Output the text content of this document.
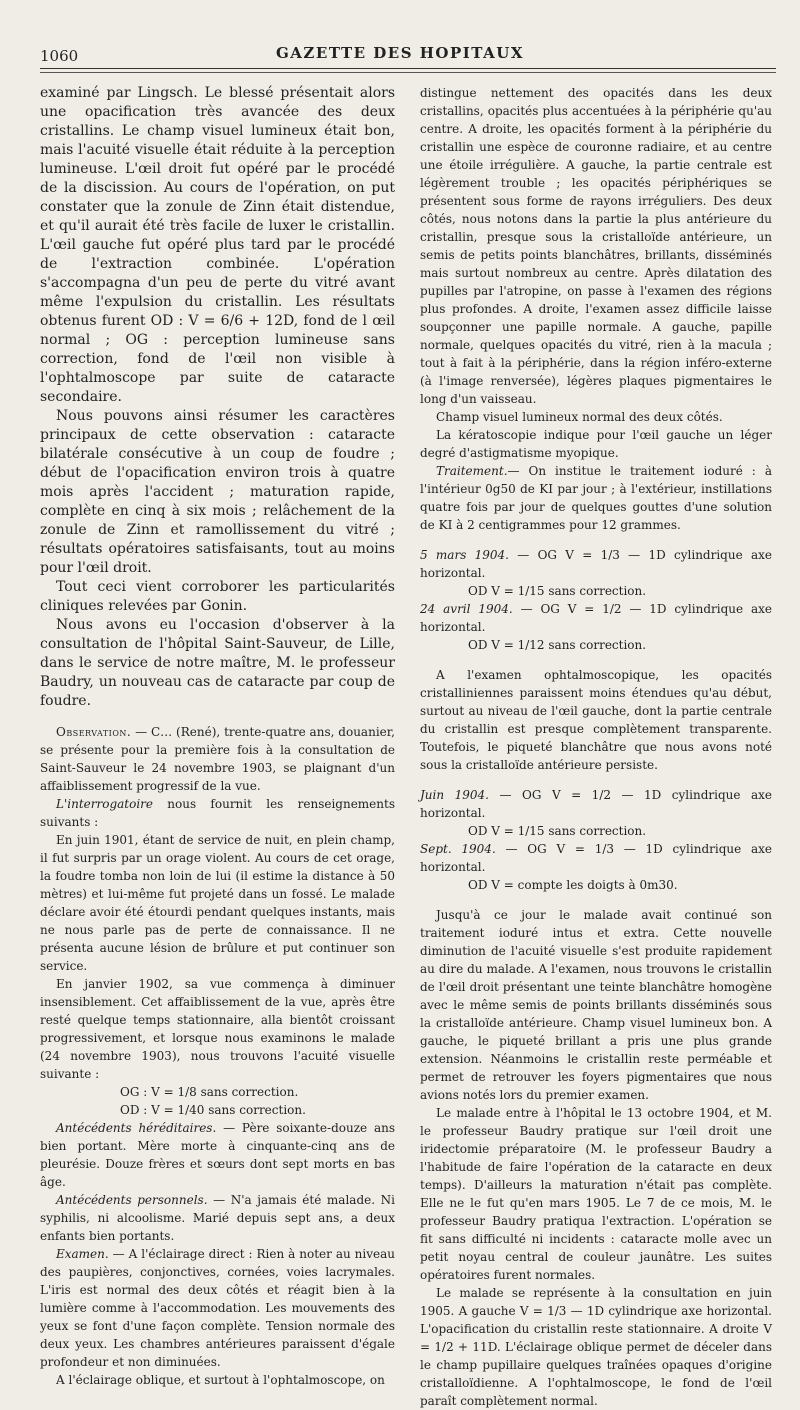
1060	GAZETTE DES HOPITAUX

examiné par Lingsch. Le blessé présentait alors une opacification très avancée des deux cristallins. Le champ visuel lumineux était bon, mais l'acuité visuelle était réduite à la perception lumineuse. L'œil droit fut opéré par le procédé de la discission. Au cours de l'opération, on put constater que la zonule de Zinn était distendue, et qu'il aurait été très facile de luxer le cristallin. L'œil gauche fut opéré plus tard par le procédé de l'extraction combinée. L'opération s'accompagna d'un peu de perte du vitré avant même l'expulsion du cristallin. Les résultats obtenus furent OD : V = 6/6 + 12D, fond de l œil normal ; OG : perception lumineuse sans correction, fond de l'œil non visible à l'ophtalmoscope par suite de cataracte secondaire.

Nous pouvons ainsi résumer les caractères principaux de cette observation : cataracte bilatérale consécutive à un coup de foudre ; début de l'opacification environ trois à quatre mois après l'accident ; maturation rapide, complète en cinq à six mois ; relâchement de la zonule de Zinn et ramollissement du vitré ; résultats opératoires satisfaisants, tout au moins pour l'œil droit.

Tout ceci vient corroborer les particularités cliniques relevées par Gonin.

Nous avons eu l'occasion d'observer à la consultation de l'hôpital Saint-Sauveur, de Lille, dans le service de notre maître, M. le professeur Baudry, un nouveau cas de cataracte par coup de foudre.

Observation. — C… (René), trente-quatre ans, douanier, se présente pour la première fois à la consultation de Saint-Sauveur le 24 novembre 1903, se plaignant d'un affaiblissement progressif de la vue.

L'interrogatoire nous fournit les renseignements suivants :

En juin 1901, étant de service de nuit, en plein champ, il fut surpris par un orage violent. Au cours de cet orage, la foudre tomba non loin de lui (il estime la distance à 50 mètres) et lui-même fut projeté dans un fossé. Le malade déclare avoir été étourdi pendant quelques instants, mais ne nous parle pas de perte de connaissance. Il ne présenta aucune lésion de brûlure et put continuer son service.

En janvier 1902, sa vue commença à diminuer insensiblement. Cet affaiblissement de la vue, après être resté quelque temps stationnaire, alla bientôt croissant progressivement, et lorsque nous examinons le malade (24 novembre 1903), nous trouvons l'acuité visuelle suivante :

OG : V = 1/8 sans correction.
OD : V = 1/40 sans correction.

Antécédents héréditaires. — Père soixante-douze ans bien portant. Mère morte à cinquante-cinq ans de pleurésie. Douze frères et sœurs dont sept morts en bas âge.

Antécédents personnels. — N'a jamais été malade. Ni syphilis, ni alcoolisme. Marié depuis sept ans, a deux enfants bien portants.

Examen. — A l'éclairage direct : Rien à noter au niveau des paupières, conjonctives, cornées, voies lacrymales. L'iris est normal des deux côtés et réagit bien à la lumière comme à l'accommodation. Les mouvements des yeux se font d'une façon complète. Tension normale des deux yeux. Les chambres antérieures paraissent d'égale profondeur et non diminuées.

A l'éclairage oblique, et surtout à l'ophtalmoscope, on

distingue nettement des opacités dans les deux cristallins, opacités plus accentuées à la périphérie qu'au centre. A droite, les opacités forment à la périphérie du cristallin une espèce de couronne radiaire, et au centre une étoile irrégulière. A gauche, la partie centrale est légèrement trouble ; les opacités périphériques se présentent sous forme de rayons irréguliers. Des deux côtés, nous notons dans la partie la plus antérieure du cristallin, presque sous la cristalloïde antérieure, un semis de petits points blanchâtres, brillants, disséminés mais surtout nombreux au centre. Après dilatation des pupilles par l'atropine, on passe à l'examen des régions plus profondes. A droite, l'examen assez difficile laisse soupçonner une papille normale. A gauche, papille normale, quelques opacités du vitré, rien à la macula ; tout à fait à la périphérie, dans la région inféro-externe (à l'image renversée), légères plaques pigmentaires le long d'un vaisseau.

Champ visuel lumineux normal des deux côtés.

La kératoscopie indique pour l'œil gauche un léger degré d'astigmatisme myopique.

Traitement.— On institue le traitement ioduré : à l'intérieur 0g50 de KI par jour ; à l'extérieur, instillations quatre fois par jour de quelques gouttes d'une solution de KI à 2 centigrammes pour 12 grammes.

5 mars 1904. — OG V = 1/3 — 1D cylindrique axe horizontal.

OD V = 1/15 sans correction.

24 avril 1904. — OG V = 1/2 — 1D cylindrique axe horizontal.

OD V = 1/12 sans correction.

A l'examen ophtalmoscopique, les opacités cristalliniennes paraissent moins étendues qu'au début, surtout au niveau de l'œil gauche, dont la partie centrale du cristallin est presque complètement transparente. Toutefois, le piqueté blanchâtre que nous avons noté sous la cristalloïde antérieure persiste.

Juin 1904. — OG V = 1/2 — 1D cylindrique axe horizontal.

OD V = 1/15 sans correction.

Sept. 1904. — OG V = 1/3 — 1D cylindrique axe horizontal.

OD V = compte les doigts à 0m30.

Jusqu'à ce jour le malade avait continué son traitement ioduré intus et extra. Cette nouvelle diminution de l'acuité visuelle s'est produite rapidement au dire du malade. A l'examen, nous trouvons le cristallin de l'œil droit présentant une teinte blanchâtre homogène avec le même semis de points brillants disséminés sous la cristalloïde antérieure. Champ visuel lumineux bon. A gauche, le piqueté brillant a pris une plus grande extension. Néanmoins le cristallin reste perméable et permet de retrouver les foyers pigmentaires que nous avions notés lors du premier examen.

Le malade entre à l'hôpital le 13 octobre 1904, et M. le professeur Baudry pratique sur l'œil droit une iridectomie préparatoire (M. le professeur Baudry a l'habitude de faire l'opération de la cataracte en deux temps). D'ailleurs la maturation n'était pas complète. Elle ne le fut qu'en mars 1905. Le 7 de ce mois, M. le professeur Baudry pratiqua l'extraction. L'opération se fit sans difficulté ni incidents : cataracte molle avec un petit noyau central de couleur jaunâtre. Les suites opératoires furent normales.

Le malade se représente à la consultation en juin 1905. A gauche V = 1/3 — 1D cylindrique axe horizontal. L'opacification du cristallin reste stationnaire. A droite V = 1/2 + 11D. L'éclairage oblique permet de déceler dans le champ pupillaire quelques traînées opaques d'origine cristalloïdienne. A l'ophtalmoscope, le fond de l'œil paraît complètement normal.
